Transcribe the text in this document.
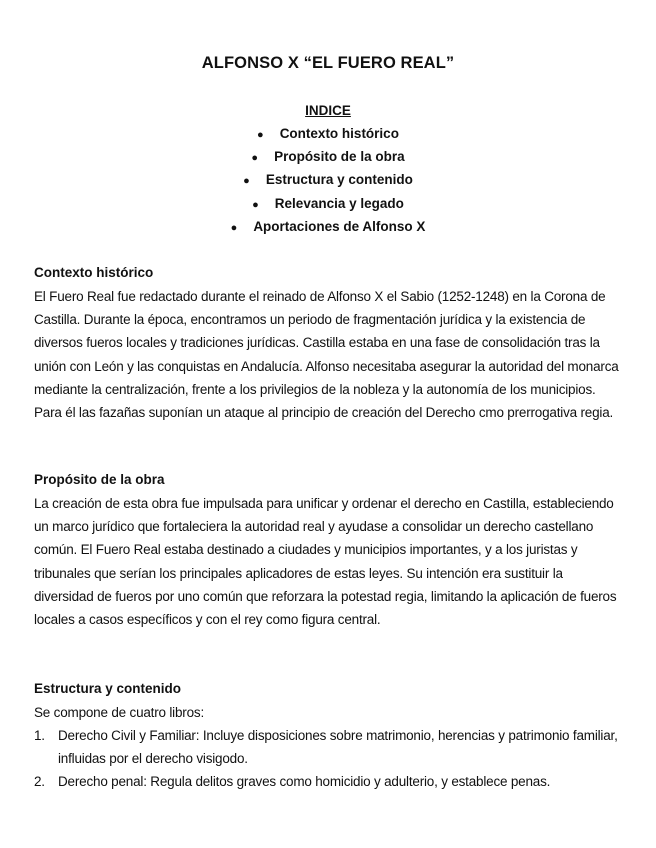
ALFONSO X “EL FUERO REAL”
INDICE
● Contexto histórico
● Propósito de la obra
● Estructura y contenido
● Relevancia y legado
● Aportaciones de Alfonso X
Contexto histórico

El Fuero Real fue redactado durante el reinado de Alfonso X el Sabio (1252-1248) en la Corona de Castilla. Durante la época, encontramos un periodo de fragmentación jurídica y la existencia de diversos fueros locales y tradiciones jurídicas. Castilla estaba en una fase de consolidación tras la unión con León y las conquistas en Andalucía. Alfonso necesitaba asegurar la autoridad del monarca mediante la centralización, frente a los privilegios de la nobleza y la autonomía de los municipios. Para él las fazañas suponían un ataque al principio de creación del Derecho cmo prerrogativa regia.

Propósito de la obra

La creación de esta obra fue impulsada para unificar y ordenar el derecho en Castilla, estableciendo un marco jurídico que fortaleciera la autoridad real y ayudase a consolidar un derecho castellano común. El Fuero Real estaba destinado a ciudades y municipios importantes, y a los juristas y tribunales que serían los principales aplicadores de estas leyes. Su intención era sustituir la diversidad de fueros por uno común que reforzara la potestad regia, limitando la aplicación de fueros locales a casos específicos y con el rey como figura central.

Estructura y contenido

Se compone de cuatro libros:

1. Derecho Civil y Familiar: Incluye disposiciones sobre matrimonio, herencias y patrimonio familiar, influidas por el derecho visigodo.
2. Derecho penal: Regula delitos graves como homicidio y adulterio, y establece penas.
